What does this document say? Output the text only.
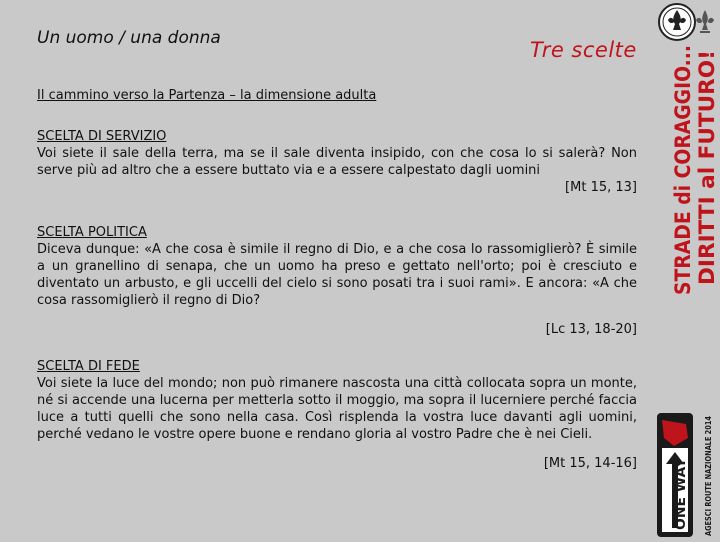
Un uomo / una donna	Tre scelte
Il cammino verso la Partenza – la dimensione adulta
SCELTA DI SERVIZIO
Voi siete il sale della terra, ma se il sale diventa insipido, con che cosa lo si salerà? Non serve più ad altro che a essere buttato via e a essere calpestato dagli uomini
[Mt 15, 13]
SCELTA POLITICA
Diceva dunque: «A che cosa è simile il regno di Dio, e a che cosa lo rassomiglierò? È simile a un granellino di senapa, che un uomo ha preso e gettato nell'orto; poi è cresciuto e diventato un arbusto, e gli uccelli del cielo si sono posati tra i suoi rami». E ancora: «A che cosa rassomiglierò il regno di Dio?
[Lc 13, 18-20]
SCELTA DI FEDE
Voi siete la luce del mondo; non può rimanere nascosta una città collocata sopra un monte, né si accende una lucerna per metterla sotto il moggio, ma sopra il lucerniere perché faccia luce a tutti quelli che sono nella casa. Così risplenda la vostra luce davanti agli uomini, perché vedano le vostre opere buone e rendano gloria al vostro Padre che è nei Cieli.
[Mt 15, 14-16]
STRADE di CORAGGIO... DIRITTI al FUTURO!
ONE WAY AGESCI ROUTE NAZIONALE 2014
